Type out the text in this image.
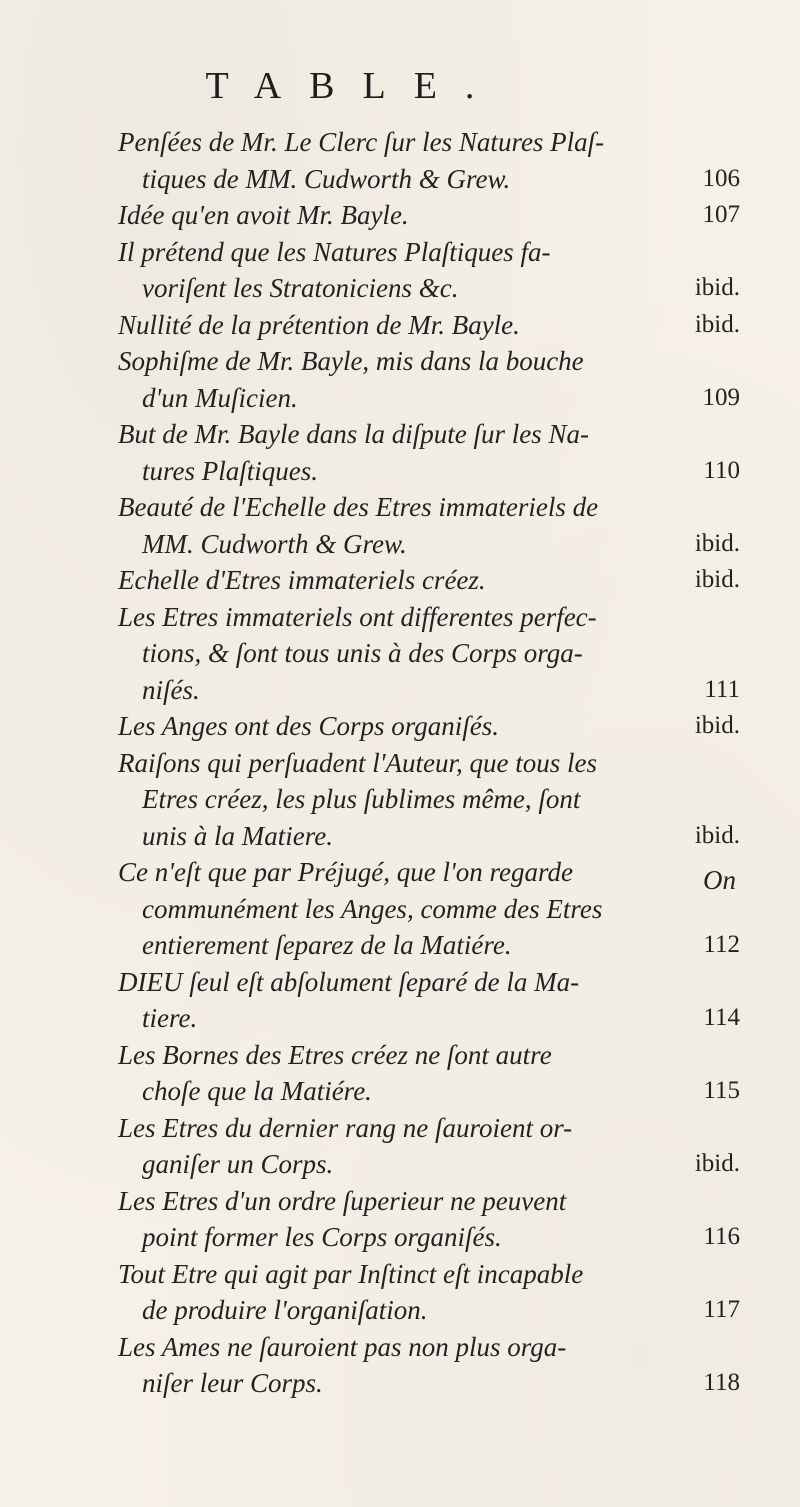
TABLE.
Penſées de Mr. Le Clerc ſur les Natures Plaſ-
tiques de MM. Cudworth & Grew.	106
Idée qu'en avoit Mr. Bayle.	107
Il prétend que les Natures Plaſtiques fa-
voriſent les Stratoniciens &c.	ibid.
Nullité de la prétention de Mr. Bayle.	ibid.
Sophiſme de Mr. Bayle, mis dans la bouche
d'un Muſicien.	109
But de Mr. Bayle dans la diſpute ſur les Na-
tures Plaſtiques.	110
Beauté de l'Echelle des Etres immateriels de
MM. Cudworth & Grew.	ibid.
Echelle d'Etres immateriels créez.	ibid.
Les Etres immateriels ont differentes perfec-
tions, & ſont tous unis à des Corps orga-
niſés.	111
Les Anges ont des Corps organiſés.	ibid.
Raiſons qui perſuadent l'Auteur, que tous les
Etres créez, les plus ſublimes même, ſont
unis à la Matiere.	ibid.
Ce n'eſt que par Préjugé, que l'on regarde
communément les Anges, comme des Etres
entierement ſeparez de la Matiére.	112
DIEU ſeul eſt abſolument ſeparé de la Ma-
tiere.	114
Les Bornes des Etres créez ne ſont autre
choſe que la Matiére.	115
Les Etres du dernier rang ne ſauroient or-
ganiſer un Corps.	ibid.
Les Etres d'un ordre ſuperieur ne peuvent
point former les Corps organiſés.	116
Tout Etre qui agit par Inſtinct eſt incapable
de produire l'organiſation.	117
Les Ames ne ſauroient pas non plus orga-
niſer leur Corps.	118
On
